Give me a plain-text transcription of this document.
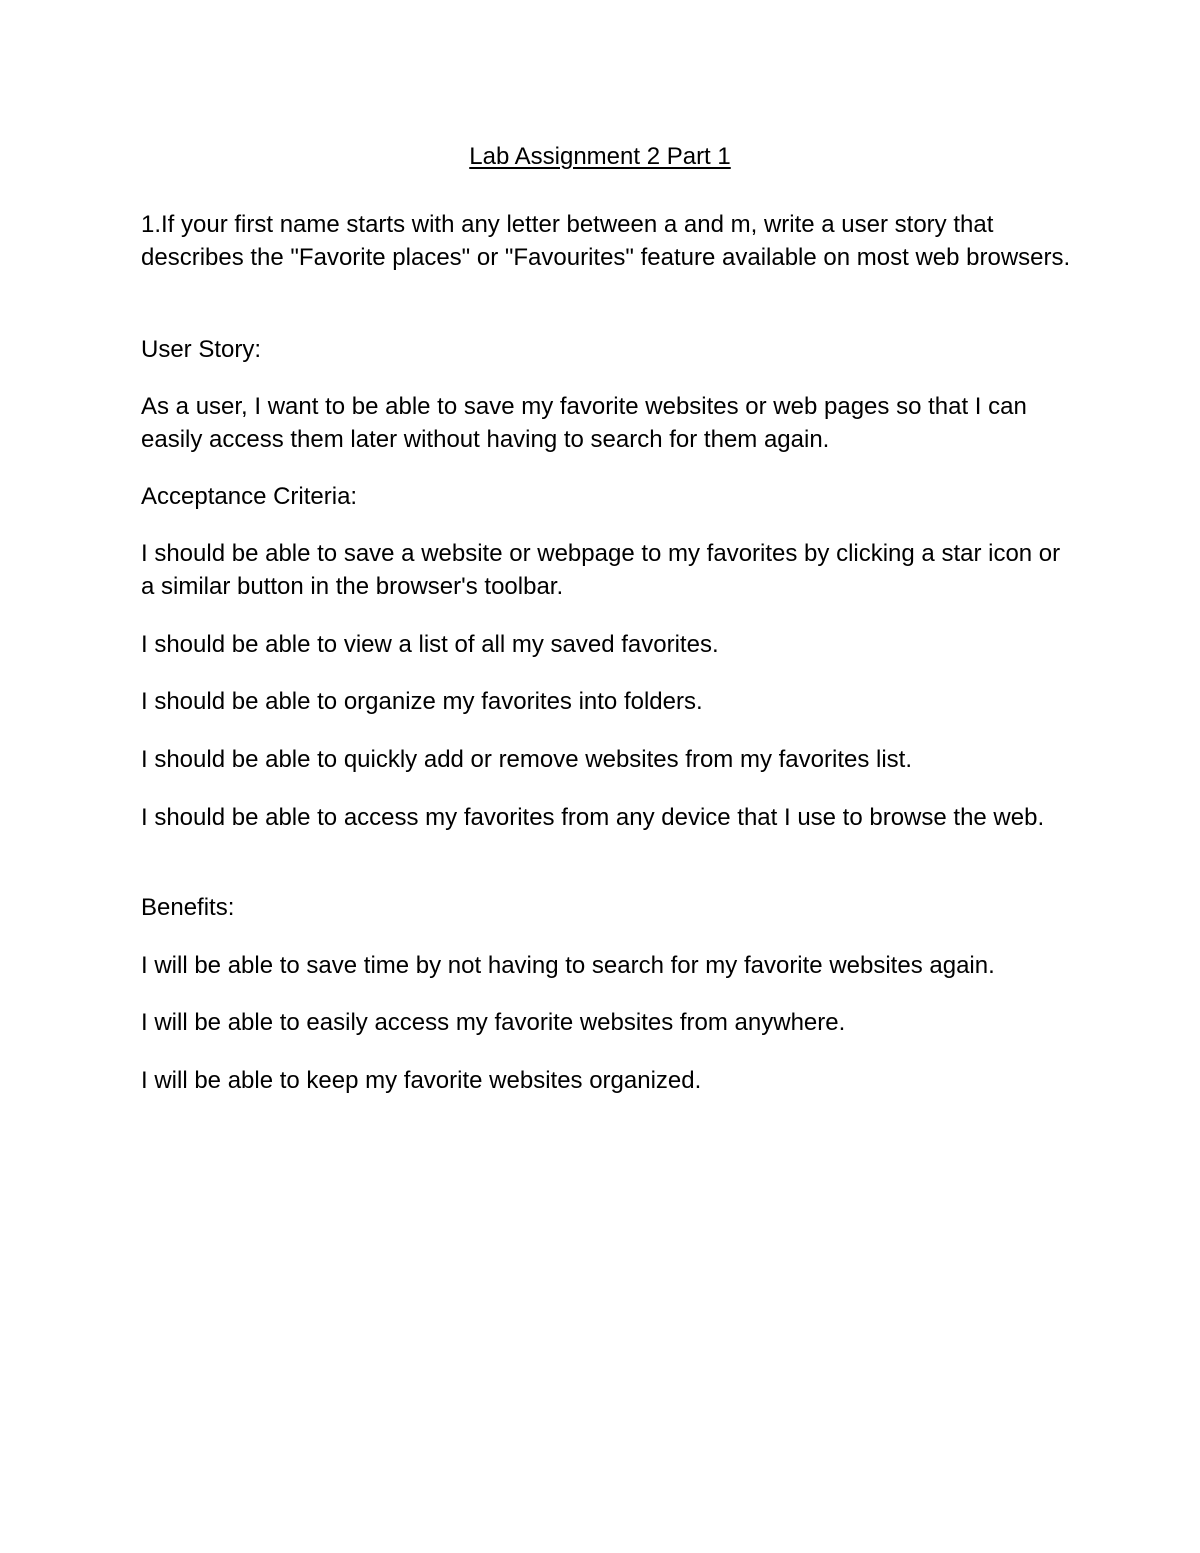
Lab Assignment 2 Part 1

1.If your first name starts with any letter between a and m, write a user story that describes the "Favorite places" or "Favourites" feature available on most web browsers.

User Story:

As a user, I want to be able to save my favorite websites or web pages so that I can easily access them later without having to search for them again.

Acceptance Criteria:

I should be able to save a website or webpage to my favorites by clicking a star icon or a similar button in the browser's toolbar.

I should be able to view a list of all my saved favorites.

I should be able to organize my favorites into folders.

I should be able to quickly add or remove websites from my favorites list.

I should be able to access my favorites from any device that I use to browse the web.

Benefits:

I will be able to save time by not having to search for my favorite websites again.

I will be able to easily access my favorite websites from anywhere.

I will be able to keep my favorite websites organized.
